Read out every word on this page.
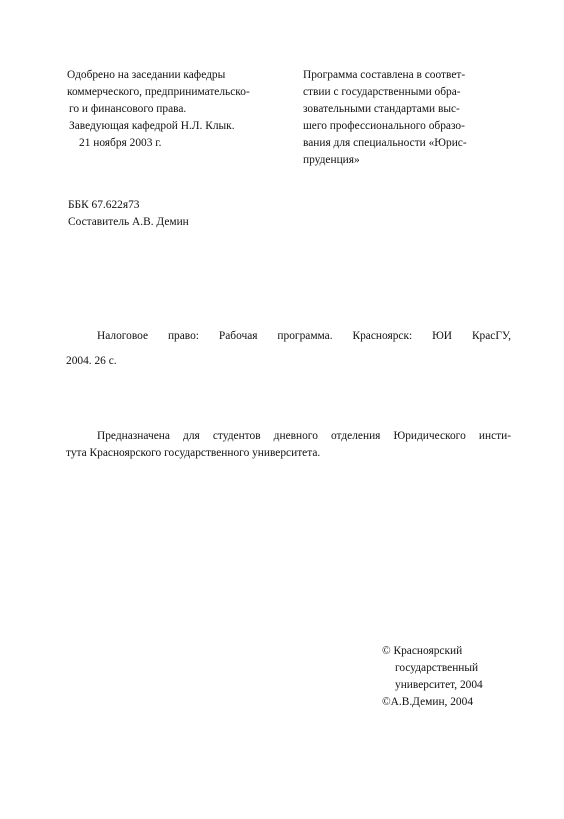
Одобрено на заседании кафедры
коммерческого, предпринимательско-
го и финансового права.
Заведующая кафедрой Н.Л. Клык.
21 ноября 2003 г.
Программа составлена в соответ-
ствии с государственными обра-
зовательными стандартами выс-
шего профессионального образо-
вания для специальности «Юрис-
пруденция»
ББК 67.622я73
Составитель А.В. Демин
Налоговое право: Рабочая программа. Красноярск: ЮИ КрасГУ,
2004. 26 с.
Предназначена для студентов дневного отделения Юридического инсти-
тута Красноярского государственного университета.
© Красноярский
государственный
университет, 2004
©А.В.Демин, 2004
